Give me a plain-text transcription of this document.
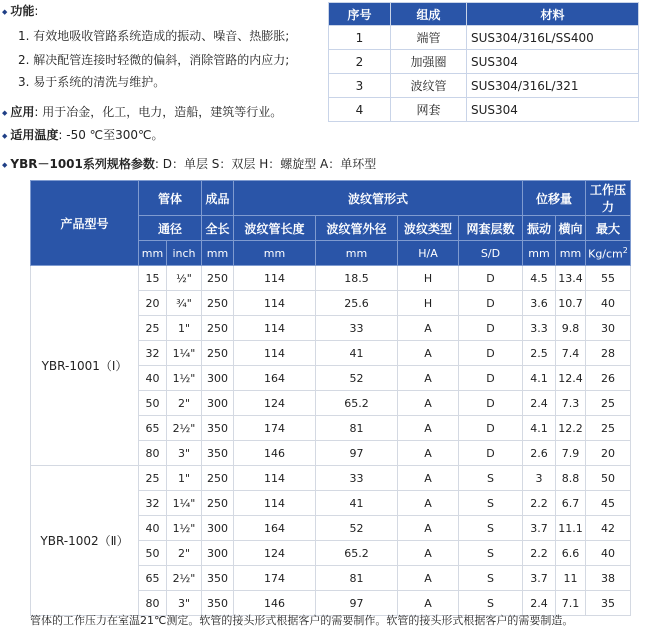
◆ 功能:
1. 有效地吸收管路系统造成的振动、噪音、热膨胀;
2. 解决配管连接时轻微的偏斜，消除管路的内应力;
3. 易于系统的清洗与维护。
◆ 应用: 用于冶金，化工，电力，造船，建筑等行业。
◆ 适用温度: -50 ℃至300℃。
序号	组成	材料
1	端管	SUS304/316L/SS400
2	加强圈	SUS304
3	波纹管	SUS304/316L/321
4	网套	SUS304
◆ YBR－1001系列规格参数: D：单层 S：双层 H：螺旋型 A：单环型
产品型号	管体		成品	波纹管形式				位移量		工作压力
	通径		全长	波纹管长度	波纹管外径	波纹类型	网套层数	振动	横向	最大
	mm	inch	mm	mm	mm	H/A	S/D	mm	mm	$Kg/cm^2$
YBR-1001（Ⅰ）	15	½"	250	114	18.5	H	D	4.5	13.4	55
	20	¾"	250	114	25.6	H	D	3.6	10.7	40
	25	1"	250	114	33	A	D	3.3	9.8	30
	32	1¼"	250	114	41	A	D	2.5	7.4	28
	40	1½"	300	164	52	A	D	4.1	12.4	26
	50	2"	300	124	65.2	A	D	2.4	7.3	25
	65	2½"	350	174	81	A	D	4.1	12.2	25
	80	3"	350	146	97	A	D	2.6	7.9	20
YBR-1002（Ⅱ）	25	1"	250	114	33	A	S	3	8.8	50
	32	1¼"	250	114	41	A	S	2.2	6.7	45
	40	1½"	300	164	52	A	S	3.7	11.1	42
	50	2"	300	124	65.2	A	S	2.2	6.6	40
	65	2½"	350	174	81	A	S	3.7	11	38
	80	3"	350	146	97	A	S	2.4	7.1	35
管体的工作压力在室温21℃测定。软管的接头形式根据客户的需要制作。软管的接头形式根据客户的需要制造。
